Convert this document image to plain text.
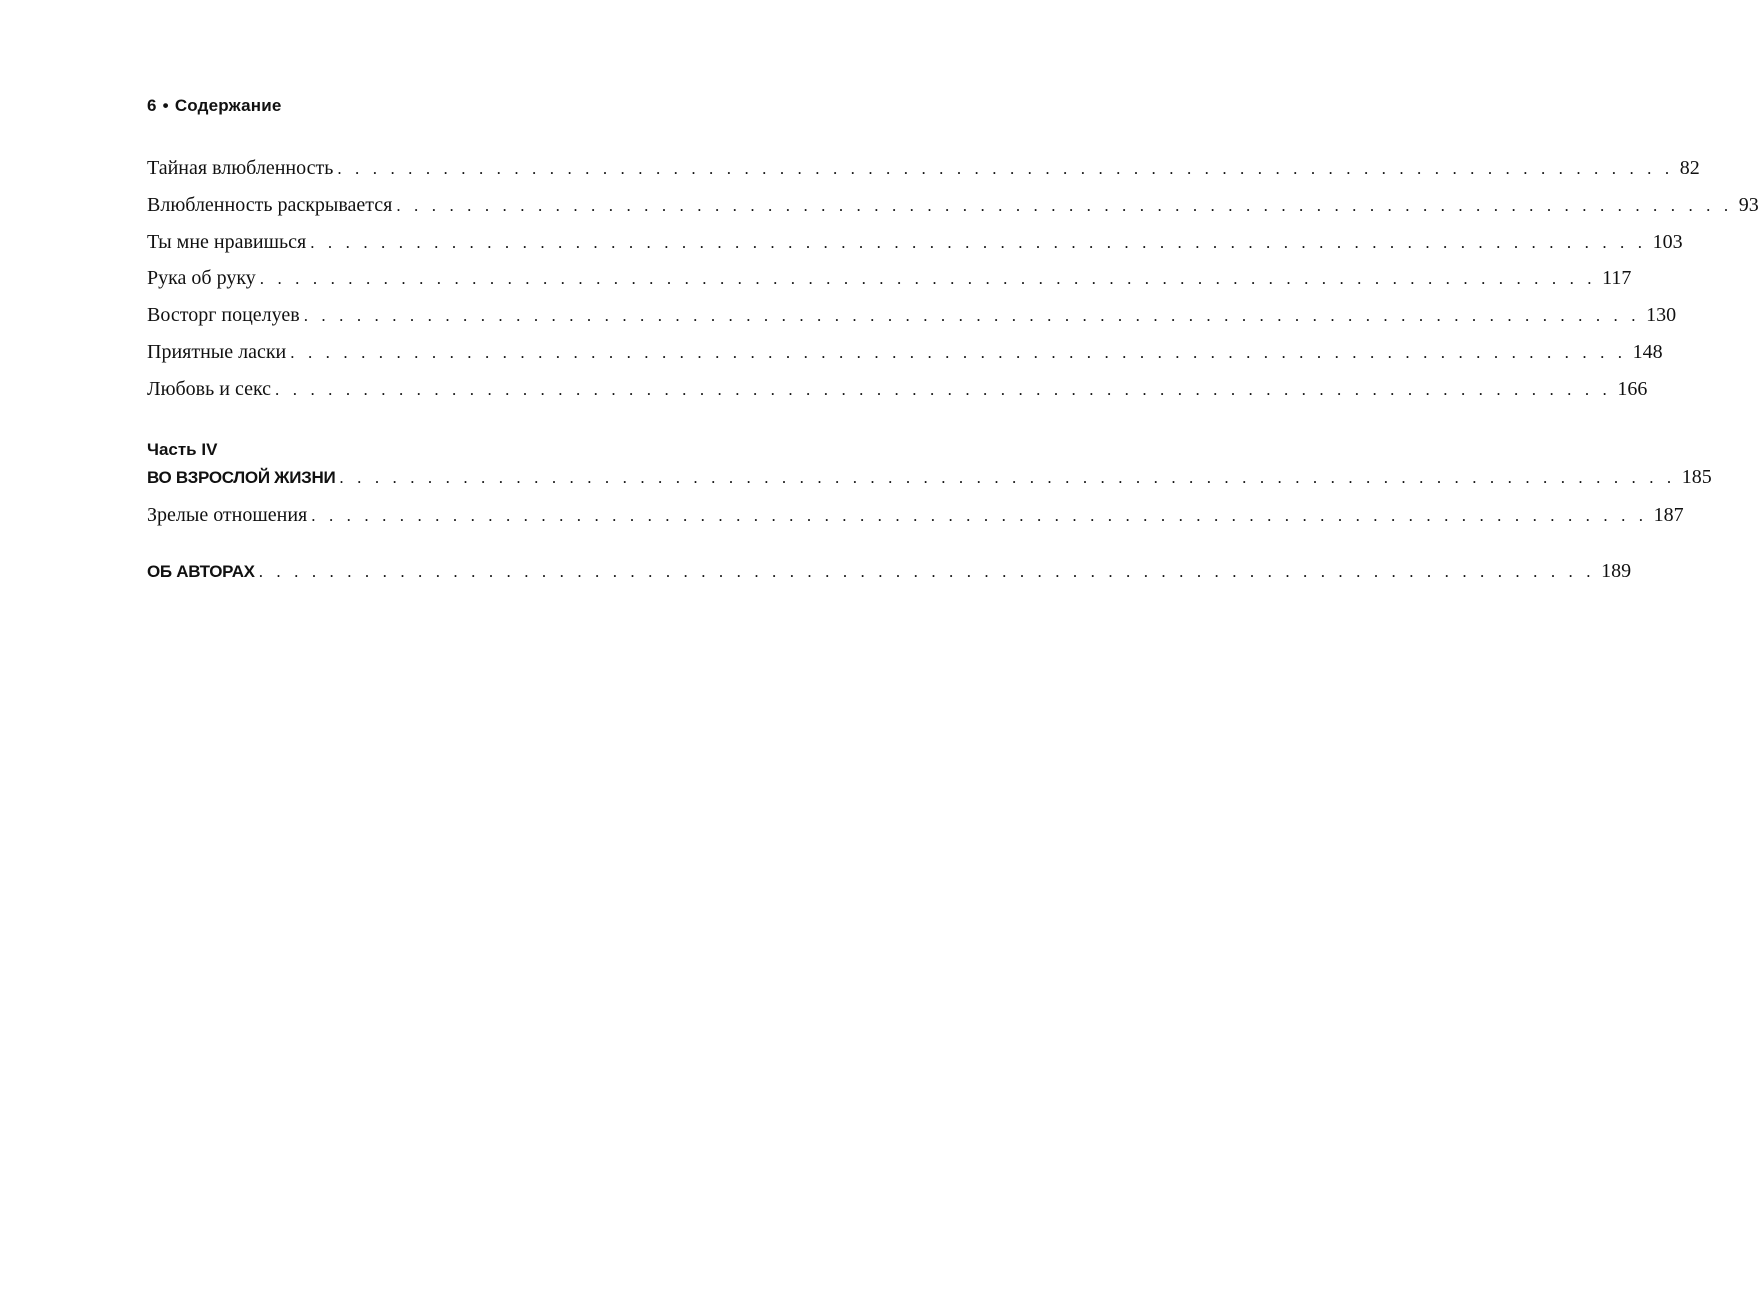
6 • Содержание
Тайная влюбленность . . . . . . . . . . . . . . . . . . . . . . . . . . . . . . . . . . . . . . . . . . . . . . . . . . . . . . . . . . . . . . . . . . . . . . . . . . . . 82
Влюбленность раскрывается . . . . . . . . . . . . . . . . . . . . . . . . . . . . . . . . . . . . . . . . . . . . . . . . . . . . . . . . . . . . . . . . . . . . . . . . . . . . 93
Ты мне нравишься . . . . . . . . . . . . . . . . . . . . . . . . . . . . . . . . . . . . . . . . . . . . . . . . . . . . . . . . . . . . . . . . . . . . . . . . . . . . 103
Рука об руку . . . . . . . . . . . . . . . . . . . . . . . . . . . . . . . . . . . . . . . . . . . . . . . . . . . . . . . . . . . . . . . . . . . . . . . . . . . . 117
Восторг поцелуев . . . . . . . . . . . . . . . . . . . . . . . . . . . . . . . . . . . . . . . . . . . . . . . . . . . . . . . . . . . . . . . . . . . . . . . . . . . . 130
Приятные ласки . . . . . . . . . . . . . . . . . . . . . . . . . . . . . . . . . . . . . . . . . . . . . . . . . . . . . . . . . . . . . . . . . . . . . . . . . . . . 148
Любовь и секс . . . . . . . . . . . . . . . . . . . . . . . . . . . . . . . . . . . . . . . . . . . . . . . . . . . . . . . . . . . . . . . . . . . . . . . . . . . . 166
Часть IV
ВО ВЗРОСЛОЙ ЖИЗНИ . . . . . . . . . . . . . . . . . . . . . . . . . . . . . . . . . . . . . . . . . . . . . . . . . . . . . . . . . . . . . . . . . . . . . . . . . . . . 185
Зрелые отношения . . . . . . . . . . . . . . . . . . . . . . . . . . . . . . . . . . . . . . . . . . . . . . . . . . . . . . . . . . . . . . . . . . . . . . . . . . . . 187
ОБ АВТОРАХ . . . . . . . . . . . . . . . . . . . . . . . . . . . . . . . . . . . . . . . . . . . . . . . . . . . . . . . . . . . . . . . . . . . . . . . . . . . . 189
